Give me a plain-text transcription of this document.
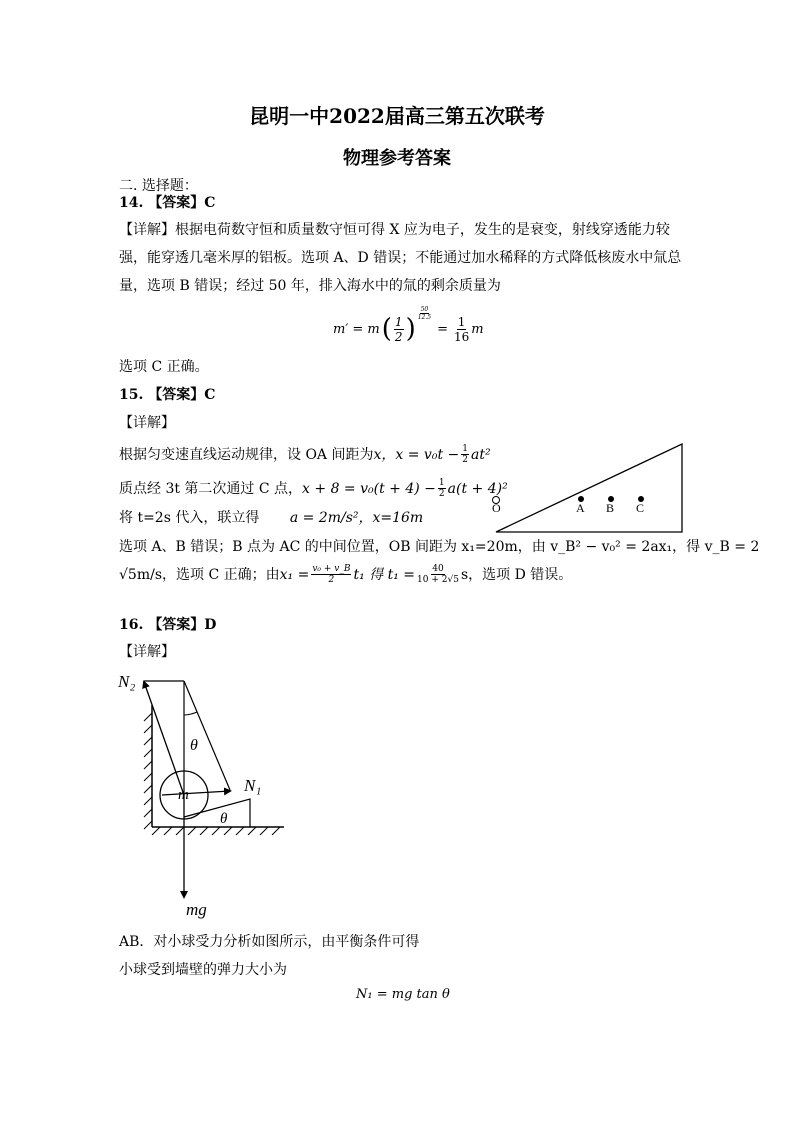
昆明一中2022届高三第五次联考
物理参考答案
二. 选择题：
14. 【答案】C
【详解】根据电荷数守恒和质量数守恒可得 X 应为电子，发生的是衰变，射线穿透能力较
强，能穿透几毫米厚的铝板。选项 A、D 错误；不能通过加水稀释的方式降低核废水中氚总
量，选项 B 错误；经过 50 年，排入海水中的氚的剩余质量为
m′ = m ( $\frac{1}{2}$ )
$\frac{50}{12.5}$
= $\frac{1}{16}$ m
选项 C 正确。
15. 【答案】C
【详解】
根据匀变速直线运动规律，设 OA 间距为 x，$x = v_0t - \frac{1}{2} at^2$
质点经 3t 第二次通过 C 点， $x + 8 = v_0(t + 4) - \frac{1}{2} a(t + 4)^2$
将 t=2s 代入，联立得 a = 2m/s²，x=16m
选项 A、B 错误；B 点为 AC 的中间位置，OB 间距为 x₁=20m，由 v_B² − v₀² = 2ax₁，得 v_B = 2
√5m/s，选项 C 正确；由 $x_1 = \frac{\text{v₀ + v\_B}}{2} t_1$ 得 $t_1 = \frac{40}{10 + 2√5}$ s，选项 D 错误。
O	A B C
16. 【答案】D
【详解】
N₂
N₁
θ
θ
m
mg
AB．对小球受力分析如图所示，由平衡条件可得
小球受到墙壁的弹力大小为
N₁ = mg tan θ
